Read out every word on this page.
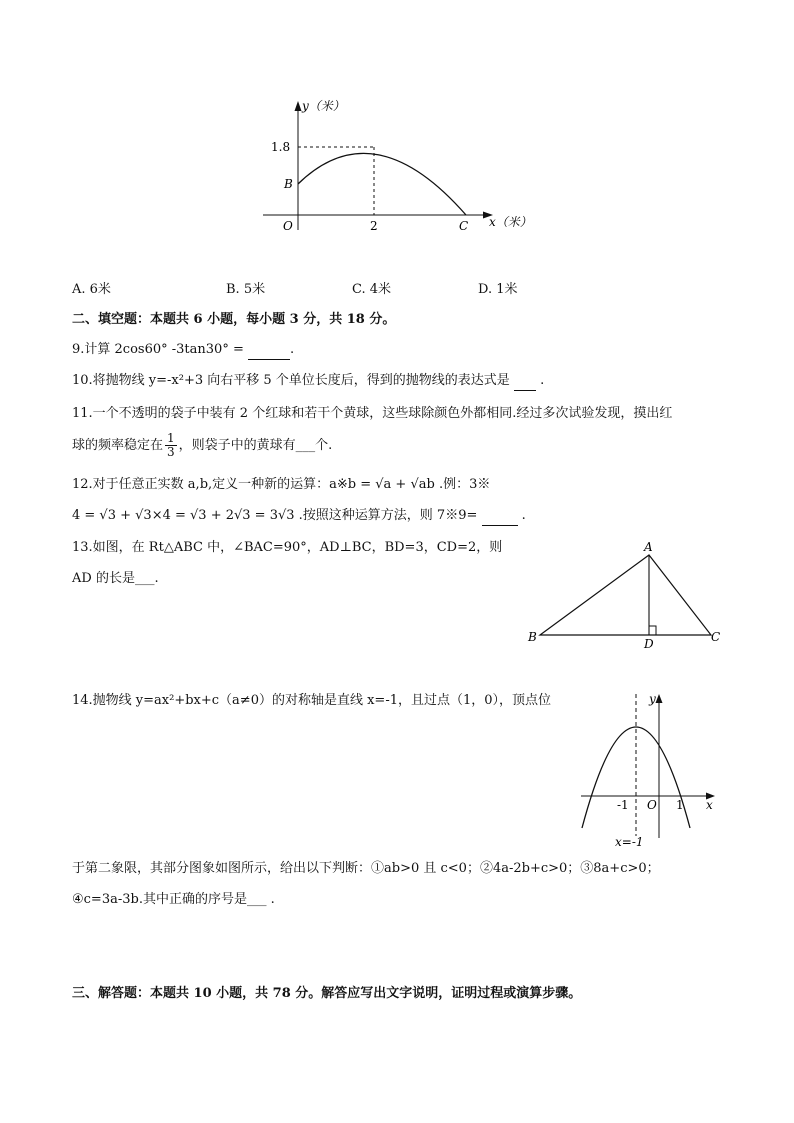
y（米）
1.8
B
O	2	C x（米）
A. 6米	B. 5米	C. 4米	D. 1米
二、填空题：本题共 6 小题，每小题 3 分，共 18 分。
9.计算 2cos60° -3tan30° =	.
10.将抛物线 y=-x²+3 向右平移 5 个单位长度后，得到的抛物线的表达式是 .
11.一个不透明的袋子中装有 2 个红球和若干个黄球，这些球除颜色外都相同.经过多次试验发现，摸出红
球的频率稳定在 $\frac{1}{3}$ ，则袋子中的黄球有___个.
12.对于任意正实数 a,b,定义一种新的运算：a※b = √a + √ab .例：3※
4 = √3 + √3×4 = √3 + 2√3 = 3√3 .按照这种运算方法，则 7※9=	.
13.如图，在 Rt△ABC 中，∠BAC=90°，AD⊥BC，BD=3，CD=2，则
AD 的长是___.
A
B	C
D
14.抛物线 y=ax²+bx+c（a≠0）的对称轴是直线 x=-1，且过点（1，0），顶点位	y
x
-1 O 1
x=-1
于第二象限，其部分图象如图所示，给出以下判断：①ab>0 且 c<0；②4a-2b+c>0；③8a+c>0；
④c=3a-3b.其中正确的序号是___ .
三、解答题：本题共 10 小题，共 78 分。解答应写出文字说明，证明过程或演算步骤。
